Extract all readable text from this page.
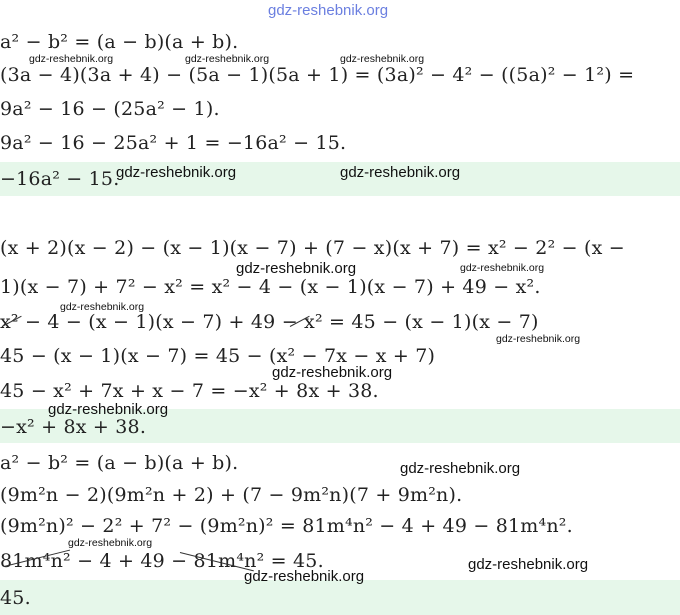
gdz-reshebnik.org
a² − b² = (a − b)(a + b).
(3a − 4)(3a + 4) − (5a − 1)(5a + 1) = (3a)² − 4² − ((5a)² − 1²) =
9a² − 16 − (25a² − 1).
9a² − 16 − 25a² + 1 = −16a² − 15.
−16a² − 15.
(x + 2)(x − 2) − (x − 1)(x − 7) + (7 − x)(x + 7) = x² − 2² − (x −
1)(x − 7) + 7² − x² = x² − 4 − (x − 1)(x − 7) + 49 − x².
x² − 4 − (x − 1)(x − 7) + 49 − x² = 45 − (x − 1)(x − 7)
45 − (x − 1)(x − 7) = 45 − (x² − 7x − x + 7)
45 − x² + 7x + x − 7 = −x² + 8x + 38.
−x² + 8x + 38.
a² − b² = (a − b)(a + b).
(9m²n − 2)(9m²n + 2) + (7 − 9m²n)(7 + 9m²n).
(9m²n)² − 2² + 7² − (9m²n)² = 81m⁴n² − 4 + 49 − 81m⁴n².
81m⁴n² − 4 + 49 − 81m⁴n² = 45.
45.
gdz-reshebnik.org	gdz-reshebnik.org	gdz-reshebnik.org
gdz-reshebnik.org	gdz-reshebnik.org
gdz-reshebnik.org	gdz-reshebnik.org
gdz-reshebnik.org
gdz-reshebnik.org
gdz-reshebnik.org
gdz-reshebnik.org
gdz-reshebnik.org
gdz-reshebnik.org
gdz-reshebnik.org
gdz-reshebnik.org
